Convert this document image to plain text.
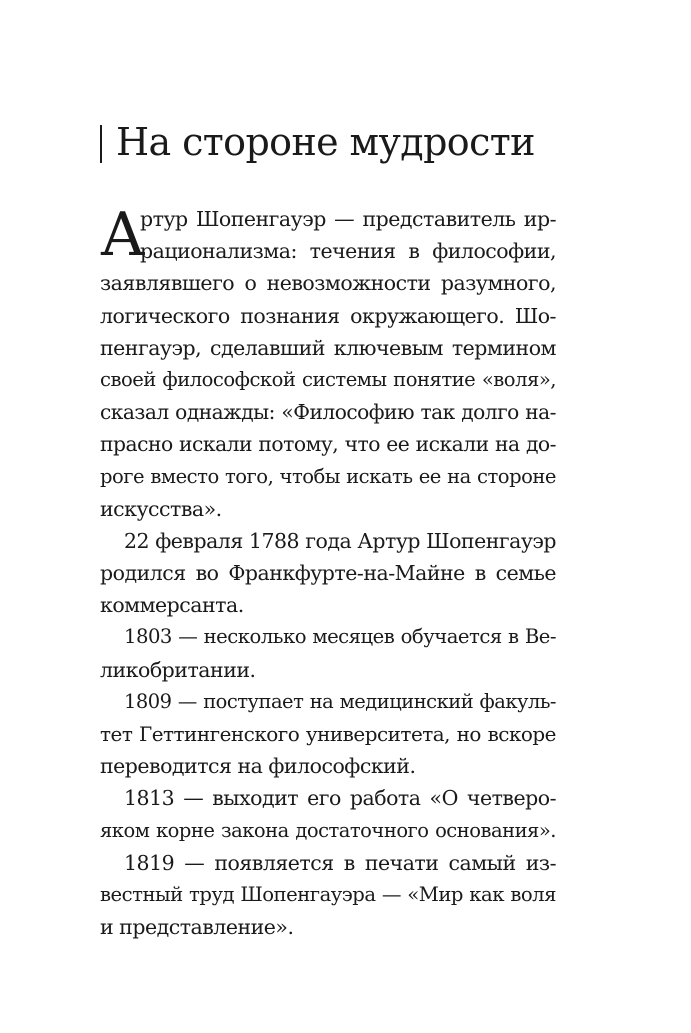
На стороне мудрости
А
ртур Шопенгауэр — представитель ир-
рационализма: течения в философии,
заявлявшего о невозможности разумного,
логического познания окружающего. Шо-
пенгауэр, сделавший ключевым термином
своей философской системы понятие «воля»,
сказал однажды: «Философию так долго на-
прасно искали потому, что ее искали на до-
роге вместо того, чтобы искать ее на стороне
искусства».
22 февраля 1788 года Артур Шопенгауэр
родился во Франкфурте-на-Майне в семье
коммерсанта.
1803 — несколько месяцев обучается в Ве-
ликобритании.
1809 — поступает на медицинский факуль-
тет Геттингенского университета, но вскоре
переводится на философский.
1813 — выходит его работа «О четверо-
яком корне закона достаточного основания».
1819 — появляется в печати самый из-
вестный труд Шопенгауэра — «Мир как воля
и представление».
